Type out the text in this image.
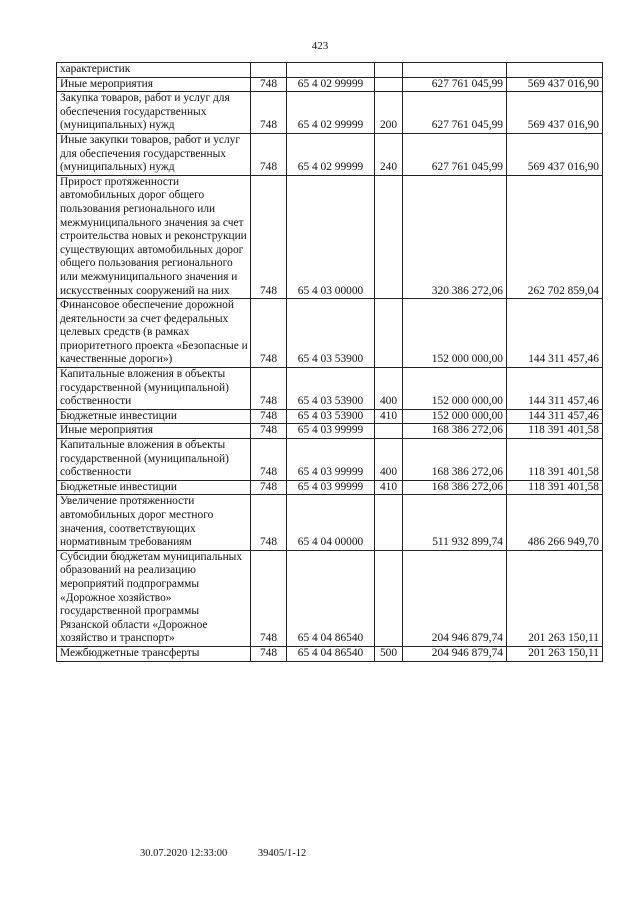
423
характеристик					
Иные мероприятия	748	65 4 02 99999		627 761 045,99	569 437 016,90
Закупка товаров, работ и услуг для обеспечения государственных (муниципальных) нужд	748	65 4 02 99999	200	627 761 045,99	569 437 016,90
Иные закупки товаров, работ и услуг для обеспечения государственных (муниципальных) нужд	748	65 4 02 99999	240	627 761 045,99	569 437 016,90
Прирост протяженности автомобильных дорог общего пользования регионального или межмуниципального значения за счет строительства новых и реконструкции существующих автомобильных дорог общего пользования регионального или межмуниципального значения и искусственных сооружений на них	748	65 4 03 00000		320 386 272,06	262 702 859,04
Финансовое обеспечение дорожной деятельности за счет федеральных целевых средств (в рамках приоритетного проекта «Безопасные и качественные дороги»)	748	65 4 03 53900		152 000 000,00	144 311 457,46
Капитальные вложения в объекты государственной (муниципальной) собственности	748	65 4 03 53900	400	152 000 000,00	144 311 457,46
Бюджетные инвестиции	748	65 4 03 53900	410	152 000 000,00	144 311 457,46
Иные мероприятия	748	65 4 03 99999		168 386 272,06	118 391 401,58
Капитальные вложения в объекты государственной (муниципальной) собственности	748	65 4 03 99999	400	168 386 272,06	118 391 401,58
Бюджетные инвестиции	748	65 4 03 99999	410	168 386 272,06	118 391 401,58
Увеличение протяженности автомобильных дорог местного значения, соответствующих нормативным требованиям	748	65 4 04 00000		511 932 899,74	486 266 949,70
Субсидии бюджетам муниципальных образований на реализацию мероприятий подпрограммы «Дорожное хозяйство» государственной программы Рязанской области «Дорожное хозяйство и транспорт»	748	65 4 04 86540		204 946 879,74	201 263 150,11
Межбюджетные трансферты	748	65 4 04 86540	500	204 946 879,74	201 263 150,11
30.07.2020 12:33:00	39405/1-12
